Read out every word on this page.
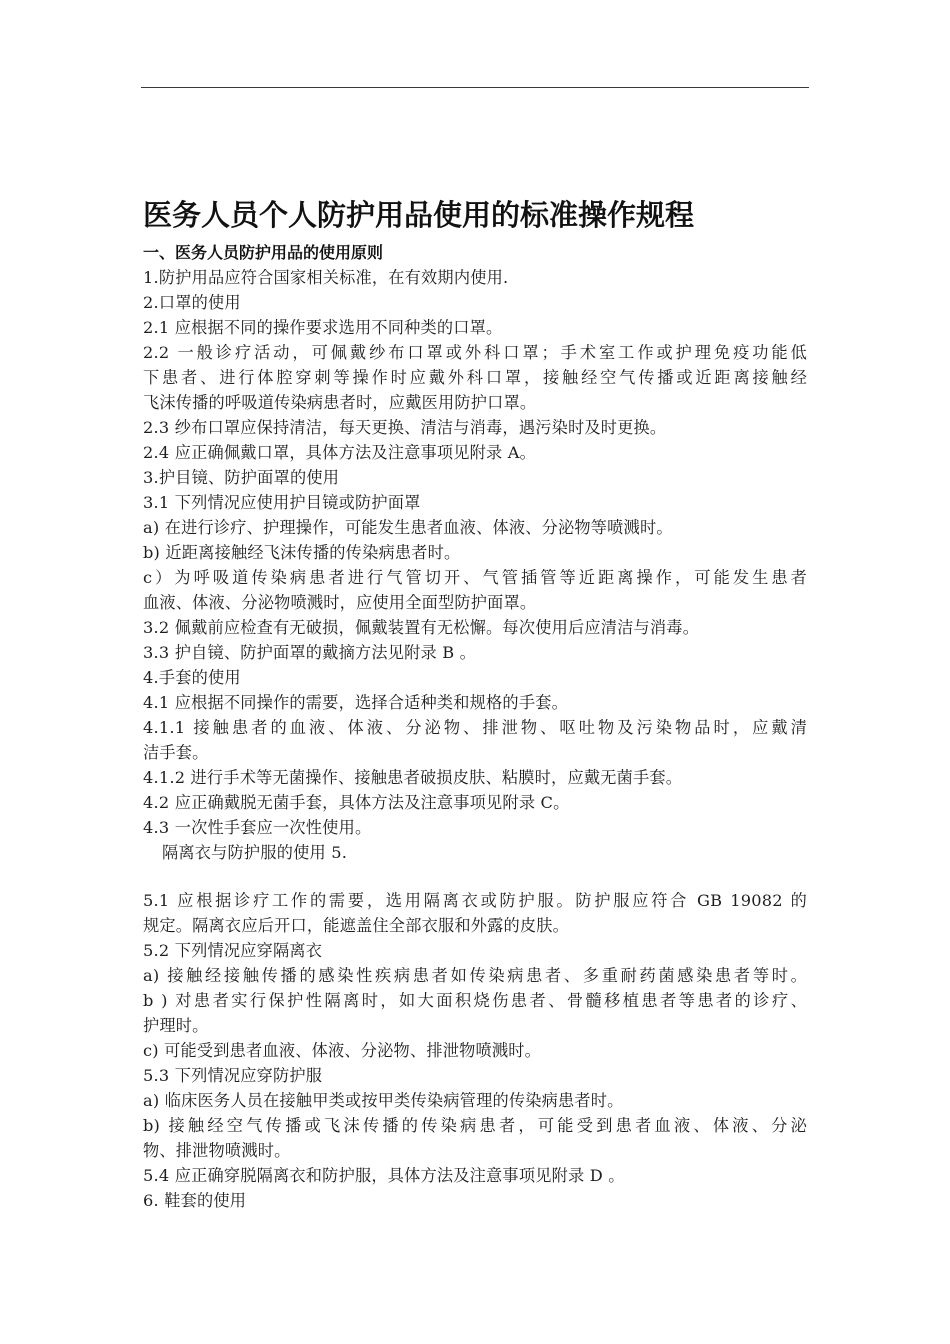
医务人员个人防护用品使用的标准操作规程
一、医务人员防护用品的使用原则
1.防护用品应符合国家相关标准，在有效期内使用.
2.口罩的使用
2.1 应根据不同的操作要求选用不同种类的口罩。
2.2 一般诊疗活动，可佩戴纱布口罩或外科口罩；手术室工作或护理免疫功能低
下患者、进行体腔穿刺等操作时应戴外科口罩，接触经空气传播或近距离接触经
飞沫传播的呼吸道传染病患者时，应戴医用防护口罩。
2.3 纱布口罩应保持清洁，每天更换、清洁与消毒，遇污染时及时更换。
2.4 应正确佩戴口罩，具体方法及注意事项见附录 A。
3.护目镜、防护面罩的使用
3.1 下列情况应使用护目镜或防护面罩
a) 在进行诊疗、护理操作，可能发生患者血液、体液、分泌物等喷溅时。
b) 近距离接触经飞沫传播的传染病患者时。
c）为呼吸道传染病患者进行气管切开、气管插管等近距离操作，可能发生患者
血液、体液、分泌物喷溅时，应使用全面型防护面罩。
3.2 佩戴前应检查有无破损，佩戴装置有无松懈。每次使用后应清洁与消毒。
3.3 护自镜、防护面罩的戴摘方法见附录 B 。
4.手套的使用
4.1 应根据不同操作的需要，选择合适种类和规格的手套。
4.1.1 接触患者的血液、体液、分泌物、排泄物、呕吐物及污染物品时，应戴清
洁手套。
4.1.2 进行手术等无菌操作、接触患者破损皮肤、粘膜时，应戴无菌手套。
4.2 应正确戴脱无菌手套，具体方法及注意事项见附录 C。
4.3 一次性手套应一次性使用。
隔离衣与防护服的使用 5.
5.1 应根据诊疗工作的需要，选用隔离衣或防护服。防护服应符合 GB 19082 的
规定。隔离衣应后开口，能遮盖住全部衣服和外露的皮肤。
5.2 下列情况应穿隔离衣
a) 接触经接触传播的感染性疾病患者如传染病患者、多重耐药菌感染患者等时。
b ) 对患者实行保护性隔离时，如大面积烧伤患者、骨髓移植患者等患者的诊疗、
护理时。
c) 可能受到患者血液、体液、分泌物、排泄物喷溅时。
5.3 下列情况应穿防护服
a) 临床医务人员在接触甲类或按甲类传染病管理的传染病患者时。
b) 接触经空气传播或飞沫传播的传染病患者，可能受到患者血液、体液、分泌
物、排泄物喷溅时。
5.4 应正确穿脱隔离衣和防护服，具体方法及注意事项见附录 D 。
6. 鞋套的使用
